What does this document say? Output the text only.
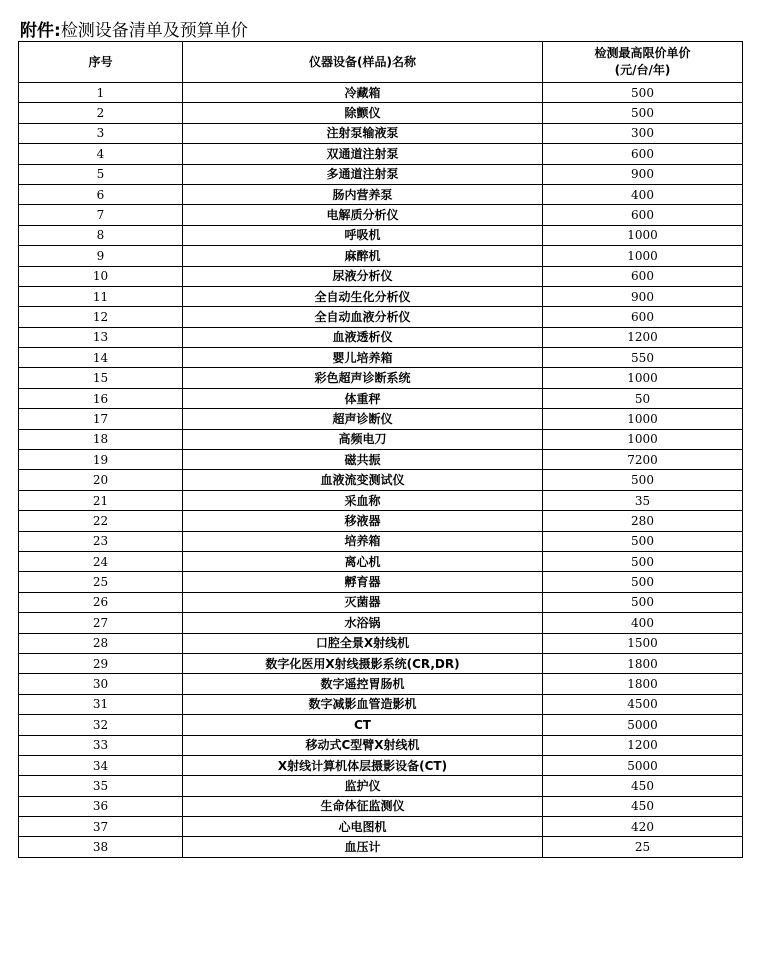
附件:检测设备清单及预算单价
序号	仪器设备(样品)名称	检测最高限价单价
(元/台/年)

1	冷藏箱	500
2	除颤仪	500
3	注射泵输液泵	300
4	双通道注射泵	600
5	多通道注射泵	900
6	肠内营养泵	400
7	电解质分析仪	600
8	呼吸机	1000
9	麻醉机	1000
10	尿液分析仪	600
11	全自动生化分析仪	900
12	全自动血液分析仪	600
13	血液透析仪	1200
14	婴儿培养箱	550
15	彩色超声诊断系统	1000
16	体重秤	50
17	超声诊断仪	1000
18	高频电刀	1000
19	磁共振	7200
20	血液流变测试仪	500
21	采血称	35
22	移液器	280
23	培养箱	500
24	离心机	500
25	孵育器	500
26	灭菌器	500
27	水浴锅	400
28	口腔全景X射线机	1500
29	数字化医用X射线摄影系统(CR,DR)	1800
30	数字遥控胃肠机	1800
31	数字减影血管造影机	4500
32	CT	5000
33	移动式C型臂X射线机	1200
34	X射线计算机体层摄影设备(CT)	5000
35	监护仪	450
36	生命体征监测仪	450
37	心电图机	420
38	血压计	25
